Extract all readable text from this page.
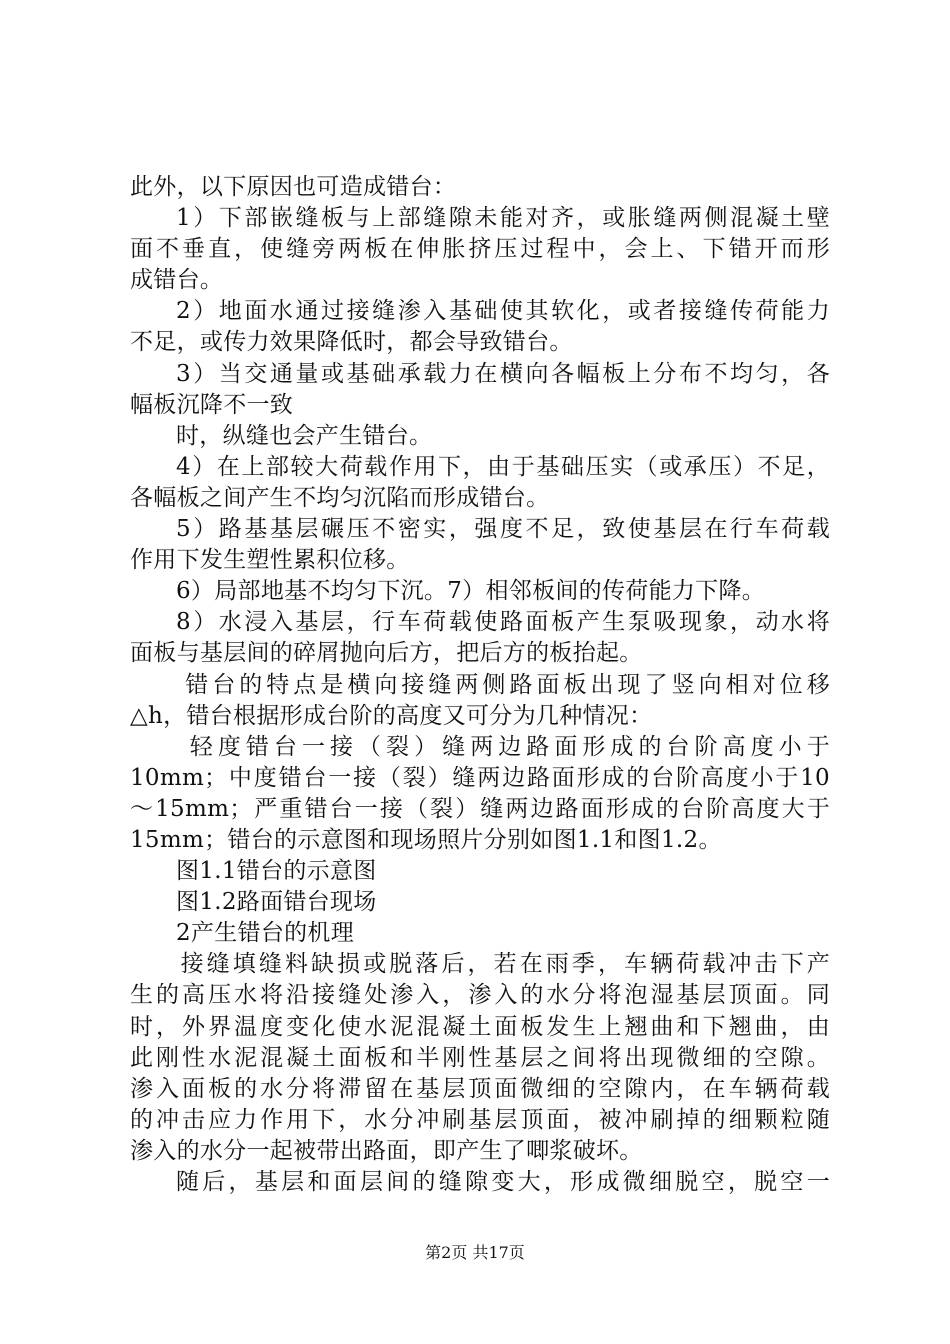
此外，以下原因也可造成错台：
1）下部嵌缝板与上部缝隙未能对齐，或胀缝两侧混凝土壁
面不垂直，使缝旁两板在伸胀挤压过程中，会上、下错开而形
成错台。
2）地面水通过接缝渗入基础使其软化，或者接缝传荷能力
不足，或传力效果降低时，都会导致错台。
3）当交通量或基础承载力在横向各幅板上分布不均匀，各
幅板沉降不一致
时，纵缝也会产生错台。
4）在上部较大荷载作用下，由于基础压实（或承压）不足，
各幅板之间产生不均匀沉陷而形成错台。
5）路基基层碾压不密实，强度不足，致使基层在行车荷载
作用下发生塑性累积位移。
6）局部地基不均匀下沉。7）相邻板间的传荷能力下降。
8）水浸入基层，行车荷载使路面板产生泵吸现象，动水将
面板与基层间的碎屑抛向后方，把后方的板抬起。
错台的特点是横向接缝两侧路面板出现了竖向相对位移
△h，错台根据形成台阶的高度又可分为几种情况：
轻度错台一接（裂）缝两边路面形成的台阶高度小于
10mm；中度错台一接（裂）缝两边路面形成的台阶高度小于10
～15mm；严重错台一接（裂）缝两边路面形成的台阶高度大于
15mm；错台的示意图和现场照片分别如图1.1和图1.2。
图1.1错台的示意图
图1.2路面错台现场
2产生错台的机理
接缝填缝料缺损或脱落后，若在雨季，车辆荷载冲击下产
生的高压水将沿接缝处渗入，渗入的水分将泡湿基层顶面。同
时，外界温度变化使水泥混凝土面板发生上翘曲和下翘曲，由
此刚性水泥混凝土面板和半刚性基层之间将出现微细的空隙。
渗入面板的水分将滞留在基层顶面微细的空隙内，在车辆荷载
的冲击应力作用下，水分冲刷基层顶面，被冲刷掉的细颗粒随
渗入的水分一起被带出路面，即产生了唧浆破坏。
随后，基层和面层间的缝隙变大，形成微细脱空，脱空一
第2页 共17页
